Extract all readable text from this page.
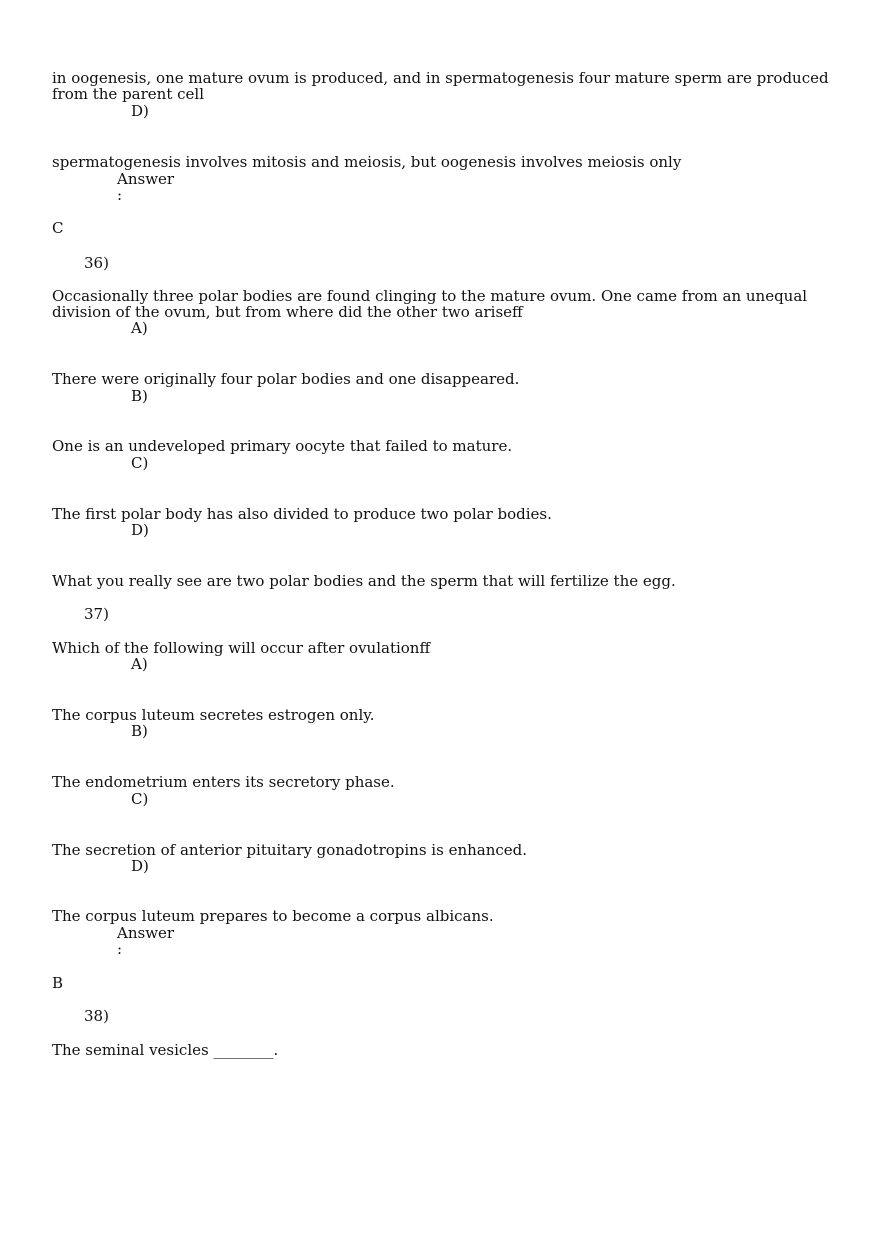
in oogenesis, one mature ovum is produced, and in spermatogenesis four mature sperm are produced from the parent cell
D)
spermatogenesis involves mitosis and meiosis, but oogenesis involves meiosis only
Answer
:
C
36)
Occasionally three polar bodies are found clinging to the mature ovum. One came from an unequal division of the ovum, but from where did the other two ariseff
A)
There were originally four polar bodies and one disappeared.
B)
One is an undeveloped primary oocyte that failed to mature.
C)
The first polar body has also divided to produce two polar bodies.
D)
What you really see are two polar bodies and the sperm that will fertilize the egg.
37)
Which of the following will occur after ovulationff
A)
The corpus luteum secretes estrogen only.
B)
The endometrium enters its secretory phase.
C)
The secretion of anterior pituitary gonadotropins is enhanced.
D)
The corpus luteum prepares to become a corpus albicans.
Answer
:
B
38)
The seminal vesicles ________.
